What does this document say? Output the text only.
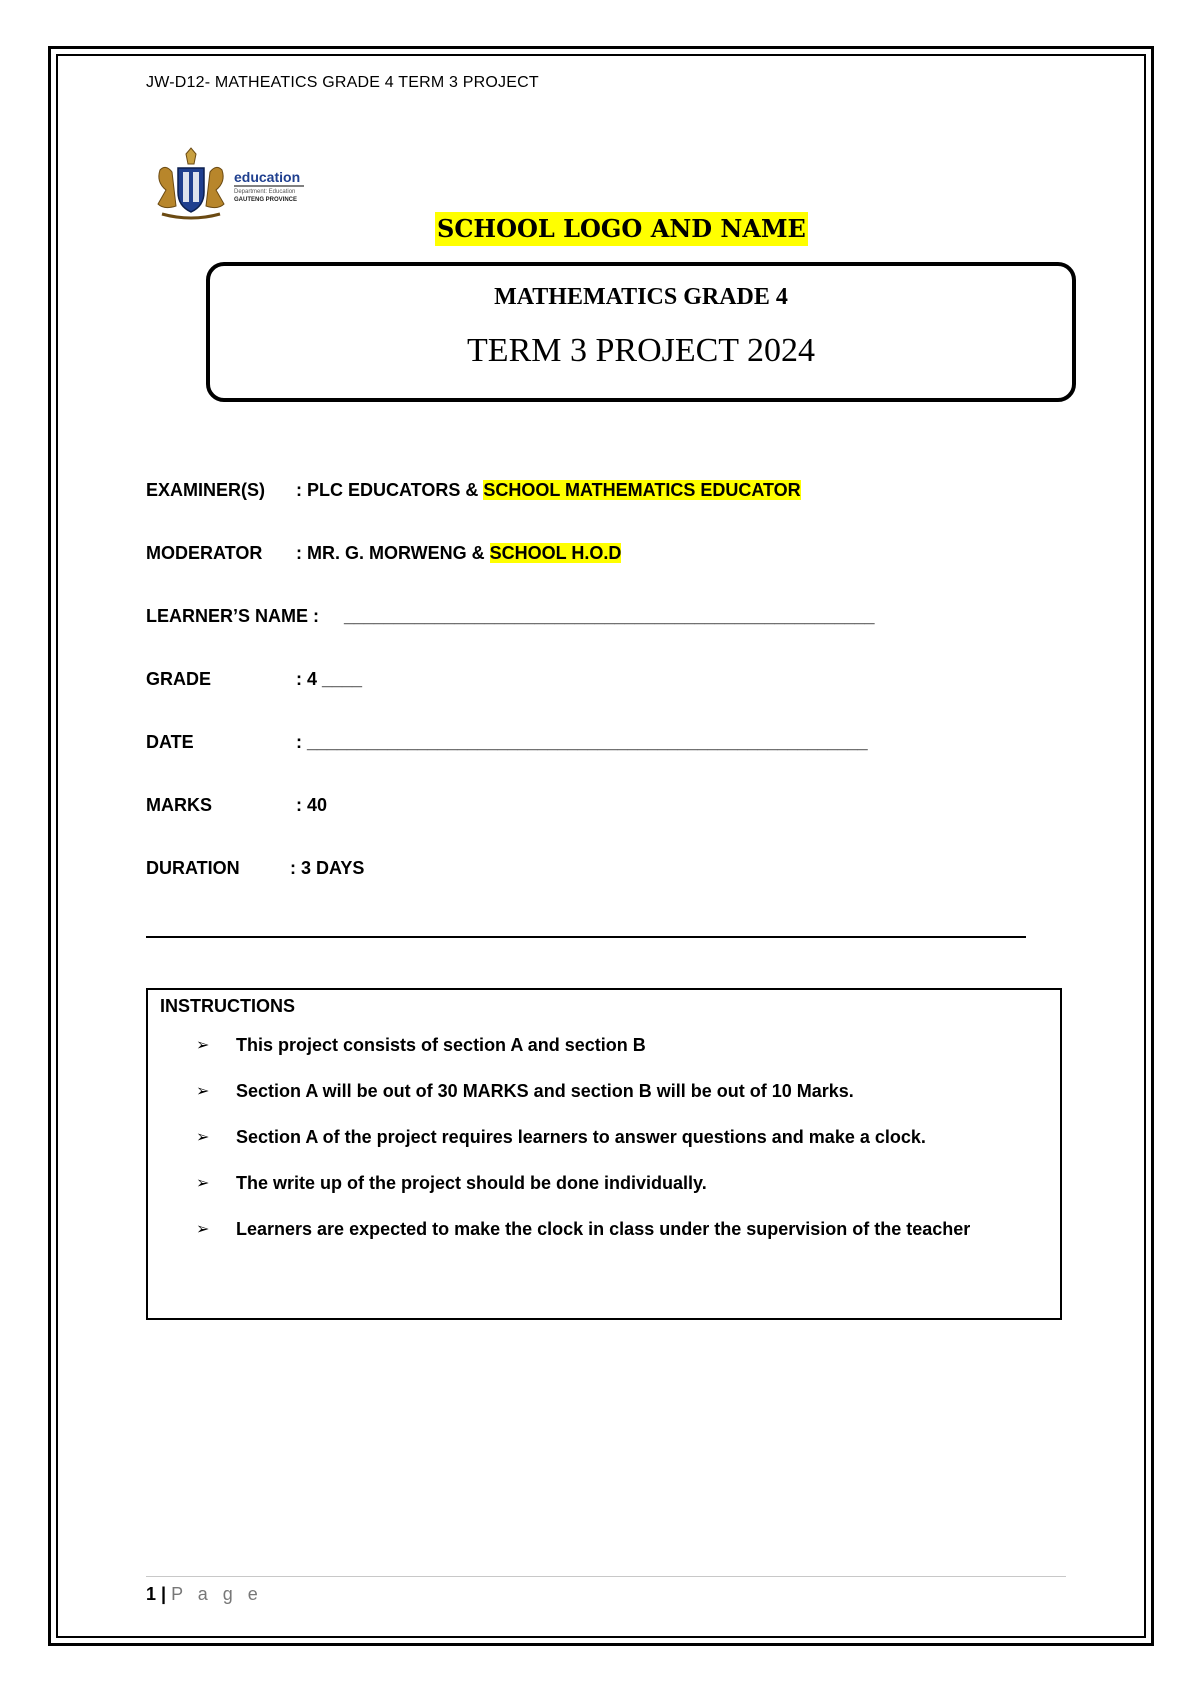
JW-D12- MATHEATICS GRADE 4 TERM 3 PROJECT
education
Department: Education
GAUTENG PROVINCE
SCHOOL LOGO AND NAME
MATHEMATICS GRADE 4
TERM 3 PROJECT 2024
EXAMINER(S) : PLC EDUCATORS & SCHOOL MATHEMATICS EDUCATOR
MODERATOR : MR. G. MORWENG & SCHOOL H.O.D
LEARNER’S NAME : _____________________________________________________
GRADE	: 4 ____
DATE	: ________________________________________________________
MARKS	: 40
DURATION	: 3 DAYS
INSTRUCTIONS
➢ This project consists of section A and section B
➢ Section A will be out of 30 MARKS and section B will be out of 10 Marks.
➢ Section A of the project requires learners to answer questions and make a clock.
➢ The write up of the project should be done individually.
➢ Learners are expected to make the clock in class under the supervision of the teacher
1 | P a g e
